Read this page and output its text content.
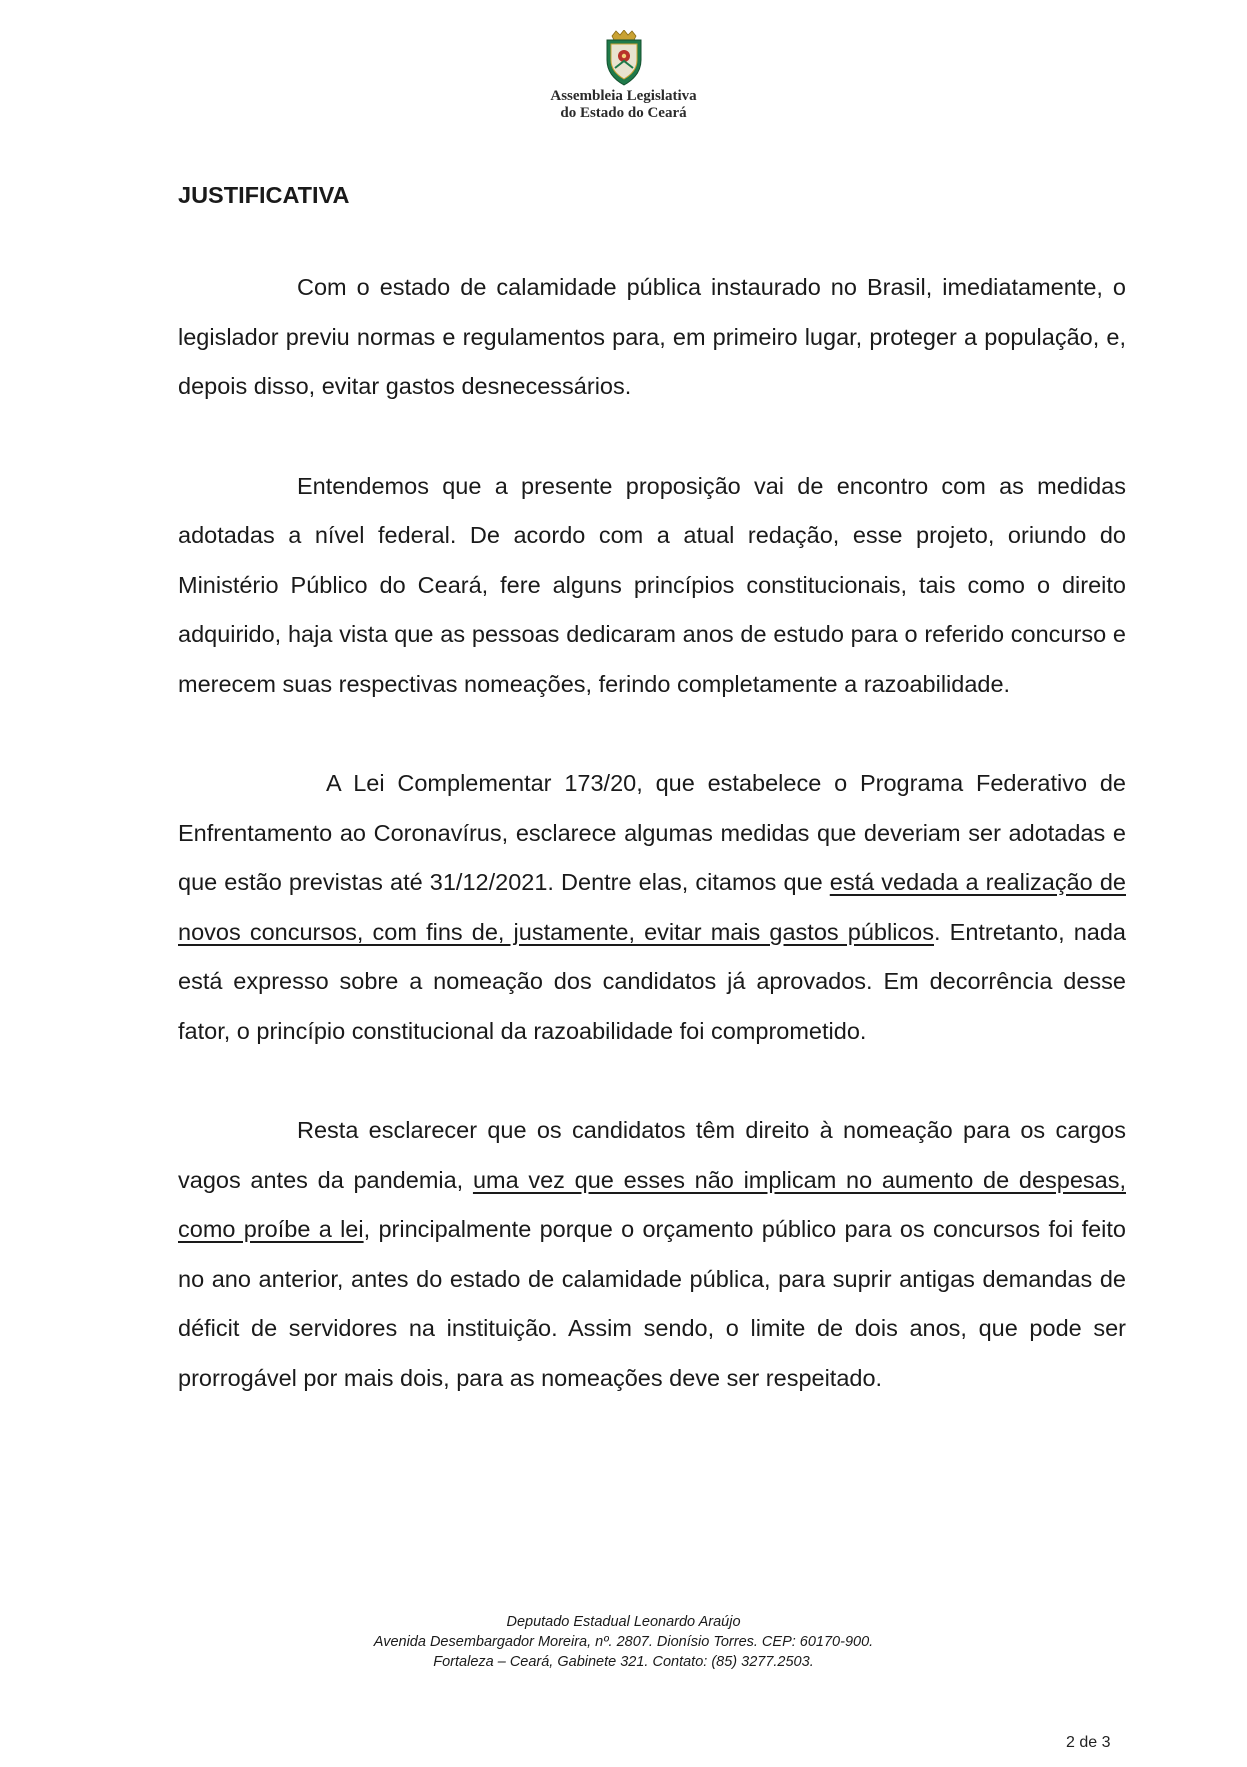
Assembleia Legislativa
do Estado do Ceará

JUSTIFICATIVA

Com o estado de calamidade pública instaurado no Brasil, imediatamente, o legislador previu normas e regulamentos para, em primeiro lugar, proteger a população, e, depois disso, evitar gastos desnecessários.

Entendemos que a presente proposição vai de encontro com as medidas adotadas a nível federal. De acordo com a atual redação, esse projeto, oriundo do Ministério Público do Ceará, fere alguns princípios constitucionais, tais como o direito adquirido, haja vista que as pessoas dedicaram anos de estudo para o referido concurso e merecem suas respectivas nomeações, ferindo completamente a razoabilidade.

A Lei Complementar 173/20, que estabelece o Programa Federativo de Enfrentamento ao Coronavírus, esclarece algumas medidas que deveriam ser adotadas e que estão previstas até 31/12/2021. Dentre elas, citamos que está vedada a realização de novos concursos, com fins de, justamente, evitar mais gastos públicos. Entretanto, nada está expresso sobre a nomeação dos candidatos já aprovados. Em decorrência desse fator, o princípio constitucional da razoabilidade foi comprometido.

Resta esclarecer que os candidatos têm direito à nomeação para os cargos vagos antes da pandemia, uma vez que esses não implicam no aumento de despesas, como proíbe a lei, principalmente porque o orçamento público para os concursos foi feito no ano anterior, antes do estado de calamidade pública, para suprir antigas demandas de déficit de servidores na instituição. Assim sendo, o limite de dois anos, que pode ser prorrogável por mais dois, para as nomeações deve ser respeitado.

Deputado Estadual Leonardo Araújo
Avenida Desembargador Moreira, nº. 2807. Dionísio Torres. CEP: 60170-900.
Fortaleza – Ceará, Gabinete 321. Contato: (85) 3277.2503.
2 de 3
